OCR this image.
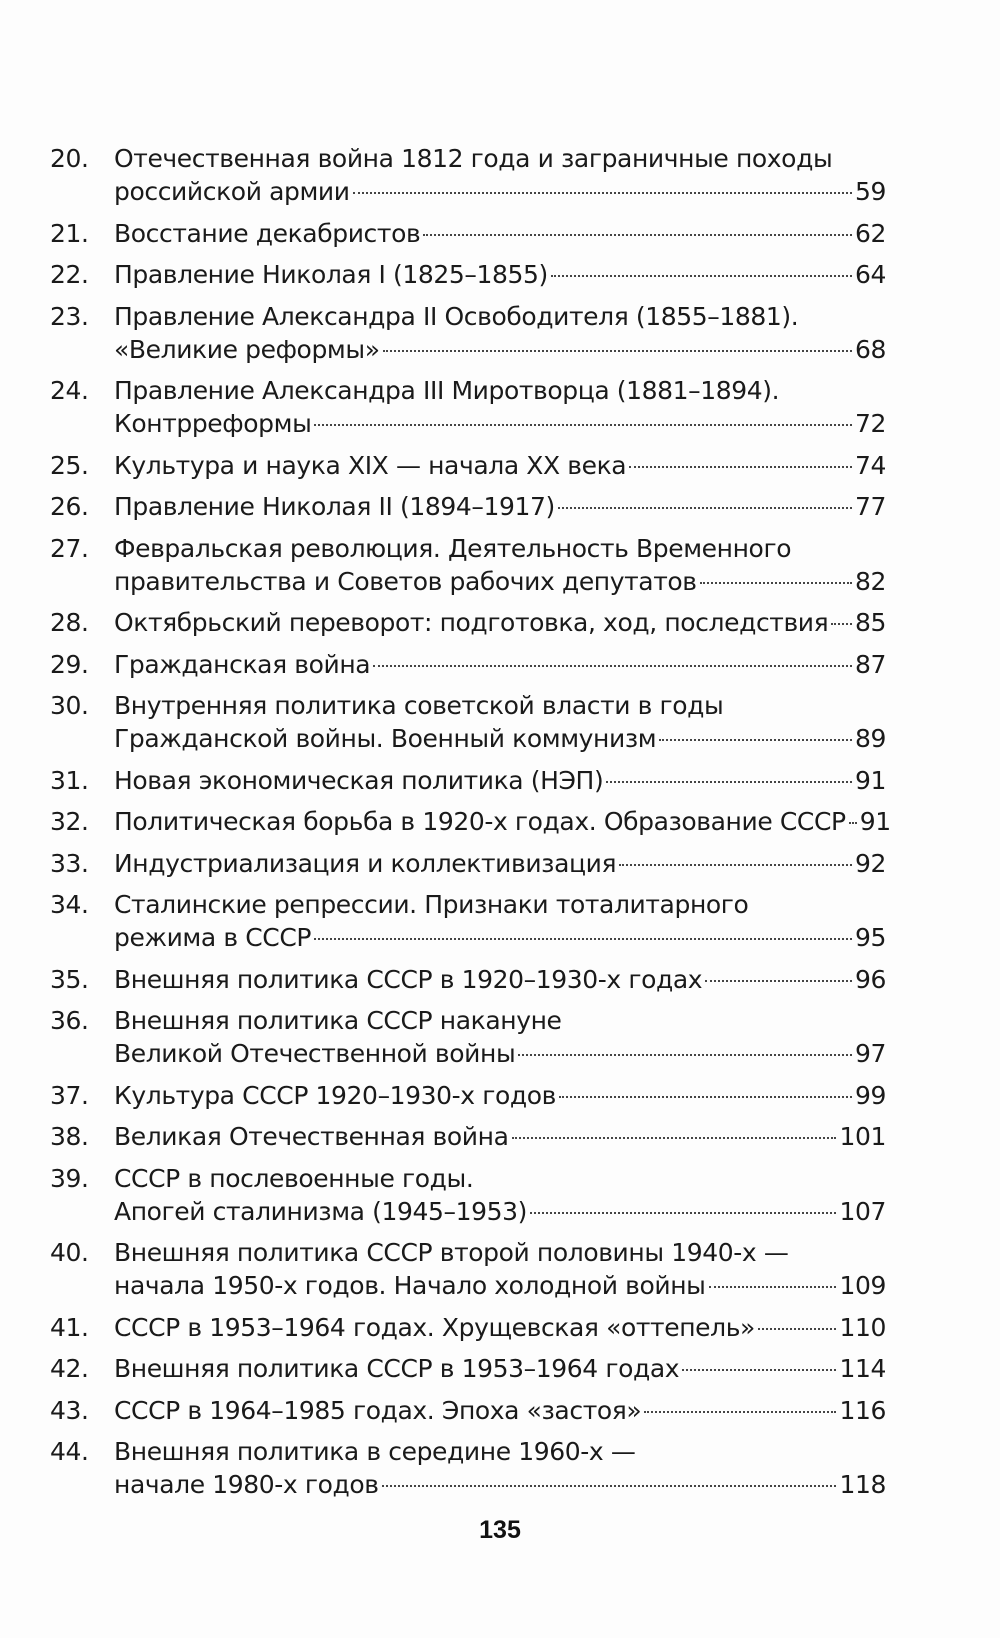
20.	Отечественная война 1812 года и заграничные походы
российской армии	59
21.	Восстание декабристов	62
22.	Правление Николая I (1825–1855)	64
23.	Правление Александра II Освободителя (1855–1881).
«Великие реформы»	68
24.	Правление Александра III Миротворца (1881–1894).
Контрреформы	72
25.	Культура и наука XIX — начала XX века	74
26.	Правление Николая II (1894–1917)	77
27.	Февральская революция. Деятельность Временного
правительства и Советов рабочих депутатов	82
28.	Октябрьский переворот: подготовка, ход, последствия 85
29.	Гражданская война	87
30.	Внутренняя политика советской власти в годы
Гражданской войны. Военный коммунизм	89
31.	Новая экономическая политика (НЭП)	91
32.	Политическая борьба в 1920-х годах. Образование СССР 91
33.	Индустриализация и коллективизация	92
34.	Сталинские репрессии. Признаки тоталитарного
режима в СССР	95
35.	Внешняя политика СССР в 1920–1930-х годах	96
36.	Внешняя политика СССР накануне
Великой Отечественной войны	97
37.	Культура СССР 1920–1930-х годов	99
38.	Великая Отечественная война	101
39.	СССР в послевоенные годы.
Апогей сталинизма (1945–1953)	107
40.	Внешняя политика СССР второй половины 1940-х —
начала 1950-х годов. Начало холодной войны	109
41.	СССР в 1953–1964 годах. Хрущевская «оттепель»	110
42.	Внешняя политика СССР в 1953–1964 годах	114
43.	СССР в 1964–1985 годах. Эпоха «застоя»	116
44.	Внешняя политика в середине 1960-х —
начале 1980-х годов	118
135
